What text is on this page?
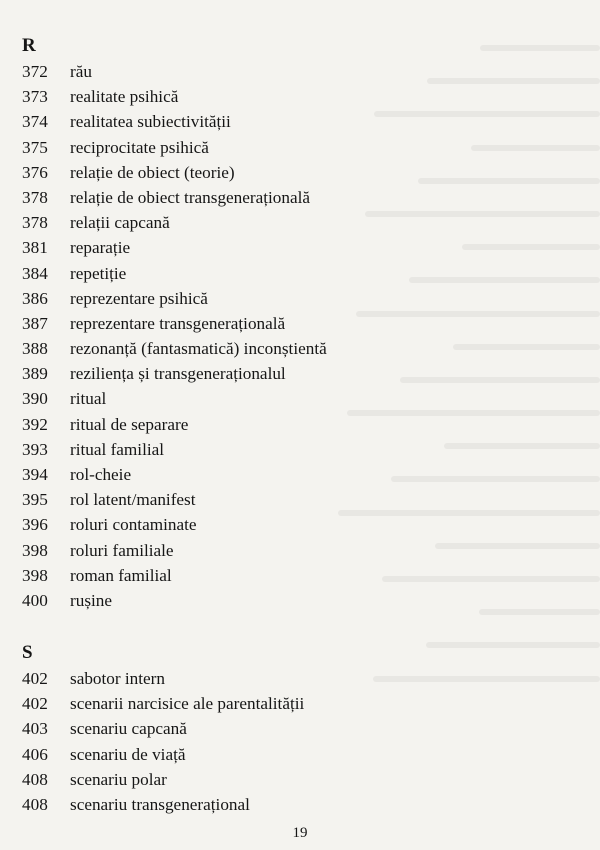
R
372 rău
373 realitate psihică
374 realitatea subiectivității
375 reciprocitate psihică
376 relație de obiect (teorie)
378 relație de obiect transgenerațională
378 relații capcană
381 reparație
384 repetiție
386 reprezentare psihică
387 reprezentare transgenerațională
388 rezonanță (fantasmatică) inconștientă
389 reziliența și transgeneraționalul
390 ritual
392 ritual de separare
393 ritual familial
394 rol-cheie
395 rol latent/manifest
396 roluri contaminate
398 roluri familiale
398 roman familial
400 rușine
S
402 sabotor intern
402 scenarii narcisice ale parentalității
403 scenariu capcană
406 scenariu de viață
408 scenariu polar
408 scenariu transgenerațional
19
